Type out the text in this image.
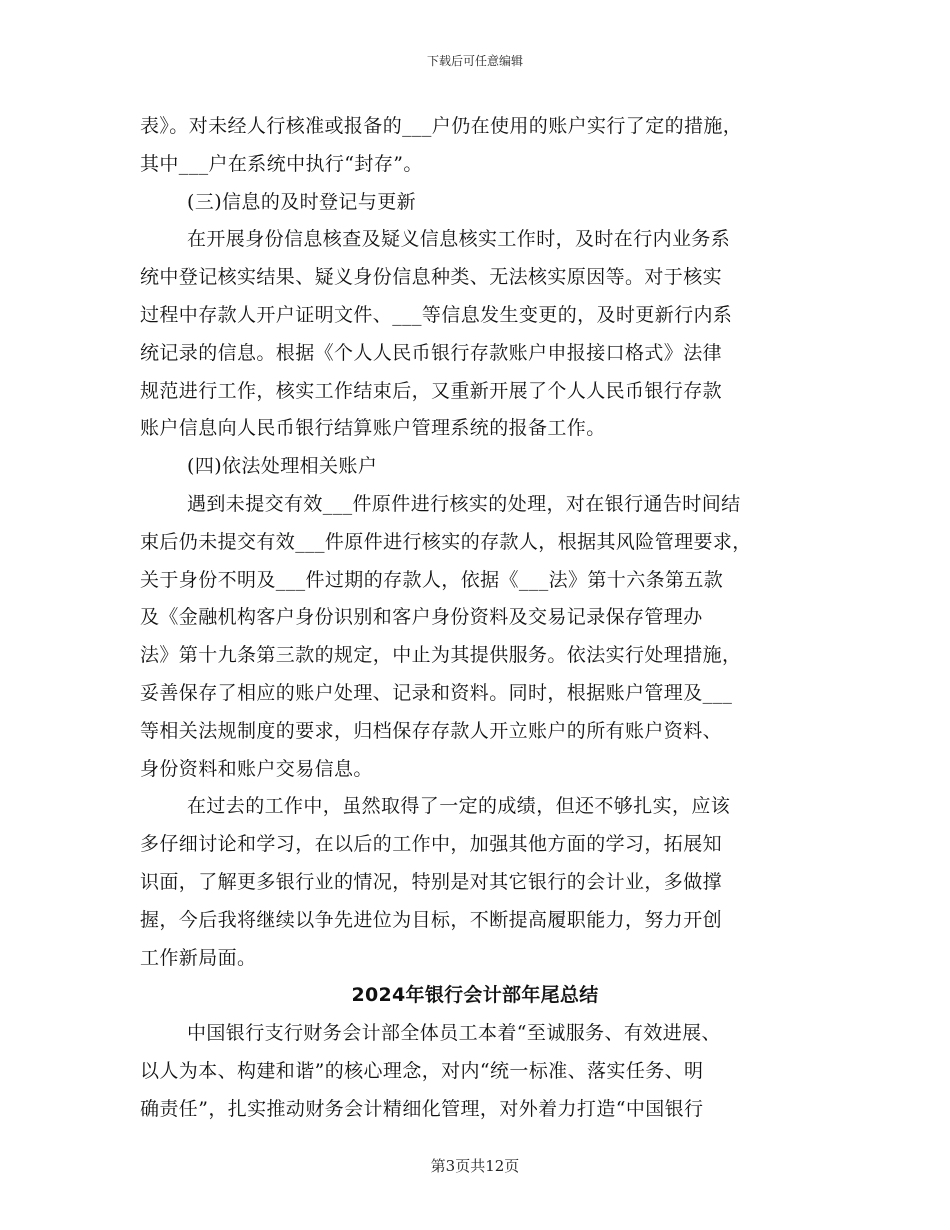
下载后可任意编辑
表》。对未经人行核准或报备的___户仍在使用的账户实行了定的措施，
其中___户在系统中执行“封存”。
(三)信息的及时登记与更新
在开展身份信息核查及疑义信息核实工作时，及时在行内业务系
统中登记核实结果、疑义身份信息种类、无法核实原因等。对于核实
过程中存款人开户证明文件、___等信息发生变更的，及时更新行内系
统记录的信息。根据《个人人民币银行存款账户申报接口格式》法律
规范进行工作，核实工作结束后，又重新开展了个人人民币银行存款
账户信息向人民币银行结算账户管理系统的报备工作。
(四)依法处理相关账户
遇到未提交有效___件原件进行核实的处理，对在银行通告时间结
束后仍未提交有效___件原件进行核实的存款人，根据其风险管理要求，
关于身份不明及___件过期的存款人，依据《___法》第十六条第五款
及《金融机构客户身份识别和客户身份资料及交易记录保存管理办
法》第十九条第三款的规定，中止为其提供服务。依法实行处理措施，
妥善保存了相应的账户处理、记录和资料。同时，根据账户管理及___
等相关法规制度的要求，归档保存存款人开立账户的所有账户资料、
身份资料和账户交易信息。
在过去的工作中，虽然取得了一定的成绩，但还不够扎实，应该
多仔细讨论和学习，在以后的工作中，加强其他方面的学习，拓展知
识面，了解更多银行业的情况，特别是对其它银行的会计业，多做撑
握，今后我将继续以争先进位为目标，不断提高履职能力，努力开创
工作新局面。
2024年银行会计部年尾总结
中国银行支行财务会计部全体员工本着“至诚服务、有效进展、
以人为本、构建和谐”的核心理念，对内“统一标准、落实任务、明
确责任”，扎实推动财务会计精细化管理，对外着力打造“中国银行
第3页共12页
